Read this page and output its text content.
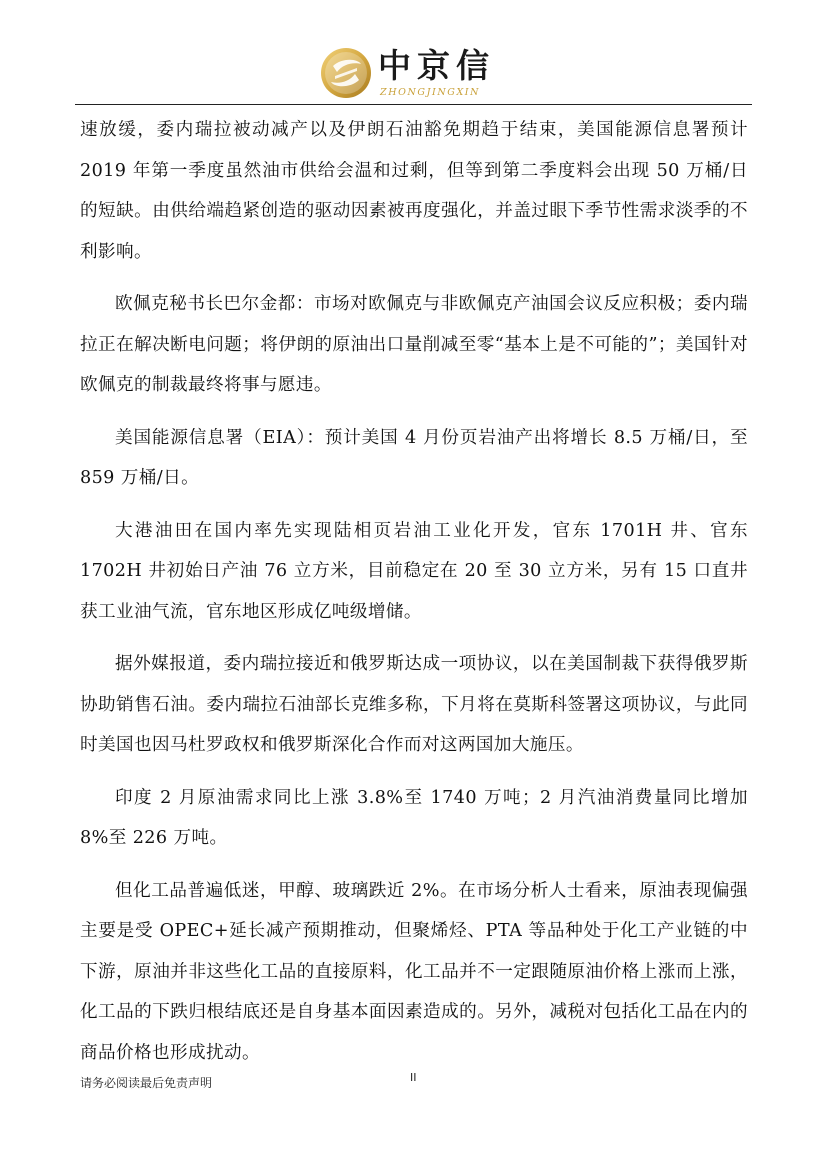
中京信
ZHONGJINGXIN

速放缓，委内瑞拉被动减产以及伊朗石油豁免期趋于结束，美国能源信息署预计 2019 年第一季度虽然油市供给会温和过剩，但等到第二季度料会出现 50 万桶/日的短缺。由供给端趋紧创造的驱动因素被再度强化，并盖过眼下季节性需求淡季的不利影响。

欧佩克秘书长巴尔金都：市场对欧佩克与非欧佩克产油国会议反应积极；委内瑞拉正在解决断电问题；将伊朗的原油出口量削减至零“基本上是不可能的”；美国针对欧佩克的制裁最终将事与愿违。

美国能源信息署（EIA）：预计美国 4 月份页岩油产出将增长 8.5 万桶/日，至 859 万桶/日。

大港油田在国内率先实现陆相页岩油工业化开发，官东 1701H 井、官东 1702H 井初始日产油 76 立方米，目前稳定在 20 至 30 立方米，另有 15 口直井获工业油气流，官东地区形成亿吨级增储。

据外媒报道，委内瑞拉接近和俄罗斯达成一项协议，以在美国制裁下获得俄罗斯协助销售石油。委内瑞拉石油部长克维多称，下月将在莫斯科签署这项协议，与此同时美国也因马杜罗政权和俄罗斯深化合作而对这两国加大施压。

印度 2 月原油需求同比上涨 3.8%至 1740 万吨；2 月汽油消费量同比增加 8%至 226 万吨。

但化工品普遍低迷，甲醇、玻璃跌近 2%。在市场分析人士看来，原油表现偏强主要是受 OPEC+延长减产预期推动，但聚烯烃、PTA 等品种处于化工产业链的中下游，原油并非这些化工品的直接原料，化工品并不一定跟随原油价格上涨而上涨，化工品的下跌归根结底还是自身基本面因素造成的。另外，减税对包括化工品在内的商品价格也形成扰动。

请务必阅读最后免责声明	II
